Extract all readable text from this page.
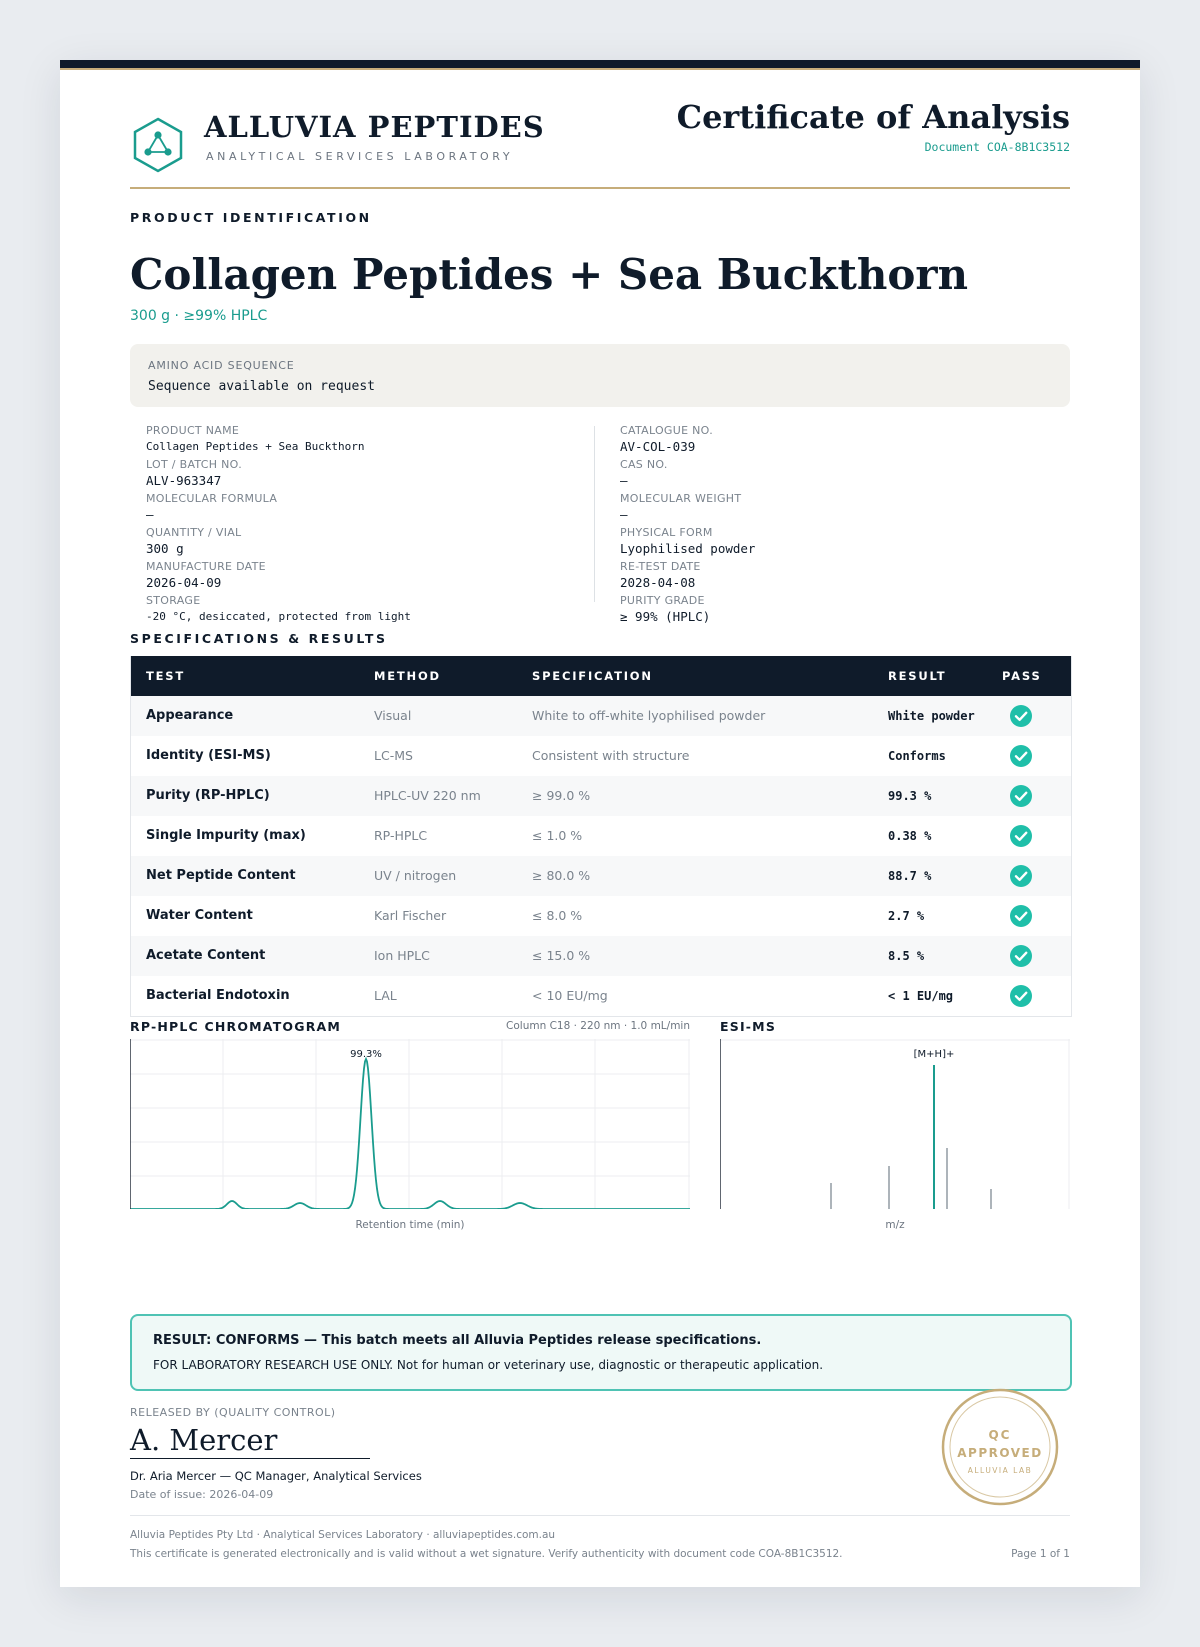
ALLUVIA PEPTIDES
ANALYTICAL SERVICES LABORATORY
Certificate of Analysis
Document COA-8B1C3512
PRODUCT IDENTIFICATION
Collagen Peptides + Sea Buckthorn
300 g · ≥99% HPLC
AMINO ACID SEQUENCE
Sequence available on request
PRODUCT NAME
Collagen Peptides + Sea Buckthorn
LOT / BATCH NO.
ALV-963347
MOLECULAR FORMULA
—
QUANTITY / VIAL
300 g
MANUFACTURE DATE
2026-04-09
STORAGE
-20 °C, desiccated, protected from light
CATALOGUE NO.
AV-COL-039
CAS NO.
—
MOLECULAR WEIGHT
—
PHYSICAL FORM
Lyophilised powder
RE-TEST DATE
2028-04-08
PURITY GRADE
≥ 99% (HPLC)
SPECIFICATIONS & RESULTS
TEST	METHOD	SPECIFICATION	RESULT	PASS
Appearance	Visual	White to off-white lyophilised powder	White powder
Identity (ESI-MS)	LC-MS	Consistent with structure	Conforms
Purity (RP-HPLC)	HPLC-UV 220 nm	≥ 99.0 %	99.3 %
Single Impurity (max)	RP-HPLC	≤ 1.0 %	0.38 %
Net Peptide Content	UV / nitrogen	≥ 80.0 %	88.7 %
Water Content	Karl Fischer	≤ 8.0 %	2.7 %
Acetate Content	Ion HPLC	≤ 15.0 %	8.5 %
Bacterial Endotoxin	LAL	< 10 EU/mg	< 1 EU/mg
RP-HPLC CHROMATOGRAM	Column C18 · 220 nm · 1.0 mL/min
99.3%
Retention time (min)
ESI-MS
[M+H]+
m/z
RESULT: CONFORMS — This batch meets all Alluvia Peptides release specifications.
FOR LABORATORY RESEARCH USE ONLY. Not for human or veterinary use, diagnostic or therapeutic application.
RELEASED BY (QUALITY CONTROL)
A. Mercer
Dr. Aria Mercer — QC Manager, Analytical Services
Date of issue: 2026-04-09
QC
APPROVED
ALLUVIA LAB
Alluvia Peptides Pty Ltd · Analytical Services Laboratory · alluviapeptides.com.au
This certificate is generated electronically and is valid without a wet signature. Verify authenticity with document code COA-8B1C3512.	Page 1 of 1
